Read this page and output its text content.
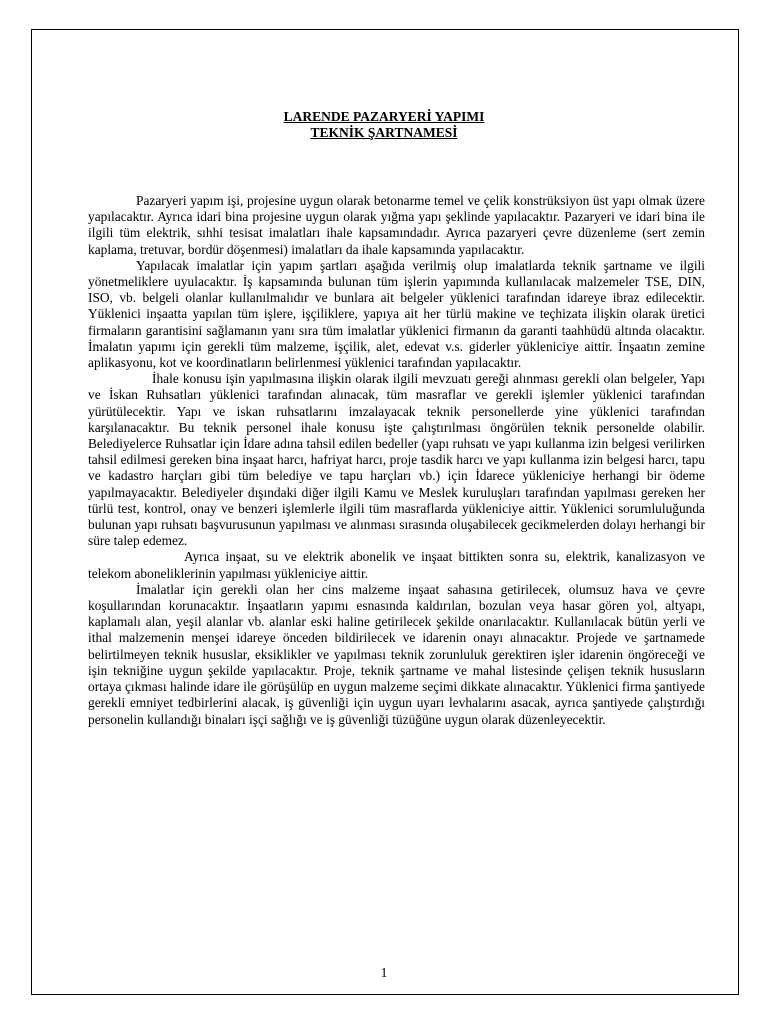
LARENDE PAZARYERİ YAPIMI
TEKNİK ŞARTNAMESİ

Pazaryeri yapım işi, projesine uygun olarak betonarme temel ve çelik konstrüksiyon üst yapı olmak üzere yapılacaktır. Ayrıca idari bina projesine uygun olarak yığma yapı şeklinde yapılacaktır. Pazaryeri ve idari bina ile ilgili tüm elektrik, sıhhi tesisat imalatları ihale kapsamındadır. Ayrıca pazaryeri çevre düzenleme (sert zemin kaplama, tretuvar, bordür döşenmesi) imalatları da ihale kapsamında yapılacaktır.

Yapılacak imalatlar için yapım şartları aşağıda verilmiş olup imalatlarda teknik şartname ve ilgili yönetmeliklere uyulacaktır. İş kapsamında bulunan tüm işlerin yapımında kullanılacak malzemeler TSE, DIN, ISO, vb. belgeli olanlar kullanılmalıdır ve bunlara ait belgeler yüklenici tarafından idareye ibraz edilecektir. Yüklenici inşaatta yapılan tüm işlere, işçiliklere, yapıya ait her türlü makine ve teçhizata ilişkin olarak üretici firmaların garantisini sağlamanın yanı sıra tüm imalatlar yüklenici firmanın da garanti taahhüdü altında olacaktır. İmalatın yapımı için gerekli tüm malzeme, işçilik, alet, edevat v.s. giderler yükleniciye aittir. İnşaatın zemine aplikasyonu, kot ve koordinatların belirlenmesi yüklenici tarafından yapılacaktır.

İhale konusu işin yapılmasına ilişkin olarak ilgili mevzuatı gereği alınması gerekli olan belgeler, Yapı ve İskan Ruhsatları yüklenici tarafından alınacak, tüm masraflar ve gerekli işlemler yüklenici tarafından yürütülecektir. Yapı ve iskan ruhsatlarını imzalayacak teknik personellerde yine yüklenici tarafından karşılanacaktır. Bu teknik personel ihale konusu işte çalıştırılması öngörülen teknik personelde olabilir. Belediyelerce Ruhsatlar için İdare adına tahsil edilen bedeller (yapı ruhsatı ve yapı kullanma izin belgesi verilirken tahsil edilmesi gereken bina inşaat harcı, hafriyat harcı, proje tasdik harcı ve yapı kullanma izin belgesi harcı, tapu ve kadastro harçları gibi tüm belediye ve tapu harçları vb.) için İdarece yükleniciye herhangi bir ödeme yapılmayacaktır. Belediyeler dışındaki diğer ilgili Kamu ve Meslek kuruluşları tarafından yapılması gereken her türlü test, kontrol, onay ve benzeri işlemlerle ilgili tüm masraflarda yükleniciye aittir. Yüklenici sorumluluğunda bulunan yapı ruhsatı başvurusunun yapılması ve alınması sırasında oluşabilecek gecikmelerden dolayı herhangi bir süre talep edemez.

Ayrıca inşaat, su ve elektrik abonelik ve inşaat bittikten sonra su, elektrik, kanalizasyon ve telekom aboneliklerinin yapılması yükleniciye aittir.

İmalatlar için gerekli olan her cins malzeme inşaat sahasına getirilecek, olumsuz hava ve çevre koşullarından korunacaktır. İnşaatların yapımı esnasında kaldırılan, bozulan veya hasar gören yol, altyapı, kaplamalı alan, yeşil alanlar vb. alanlar eski haline getirilecek şekilde onarılacaktır. Kullanılacak bütün yerli ve ithal malzemenin menşei idareye önceden bildirilecek ve idarenin onayı alınacaktır. Projede ve şartnamede belirtilmeyen teknik hususlar, eksiklikler ve yapılması teknik zorunluluk gerektiren işler idarenin öngöreceği ve işin tekniğine uygun şekilde yapılacaktır. Proje, teknik şartname ve mahal listesinde çelişen teknik hususların ortaya çıkması halinde idare ile görüşülüp en uygun malzeme seçimi dikkate alınacaktır. Yüklenici firma şantiyede gerekli emniyet tedbirlerini alacak, iş güvenliği için uygun uyarı levhalarını asacak, ayrıca şantiyede çalıştırdığı personelin kullandığı binaları işçi sağlığı ve iş güvenliği tüzüğüne uygun olarak düzenleyecektir.

1
